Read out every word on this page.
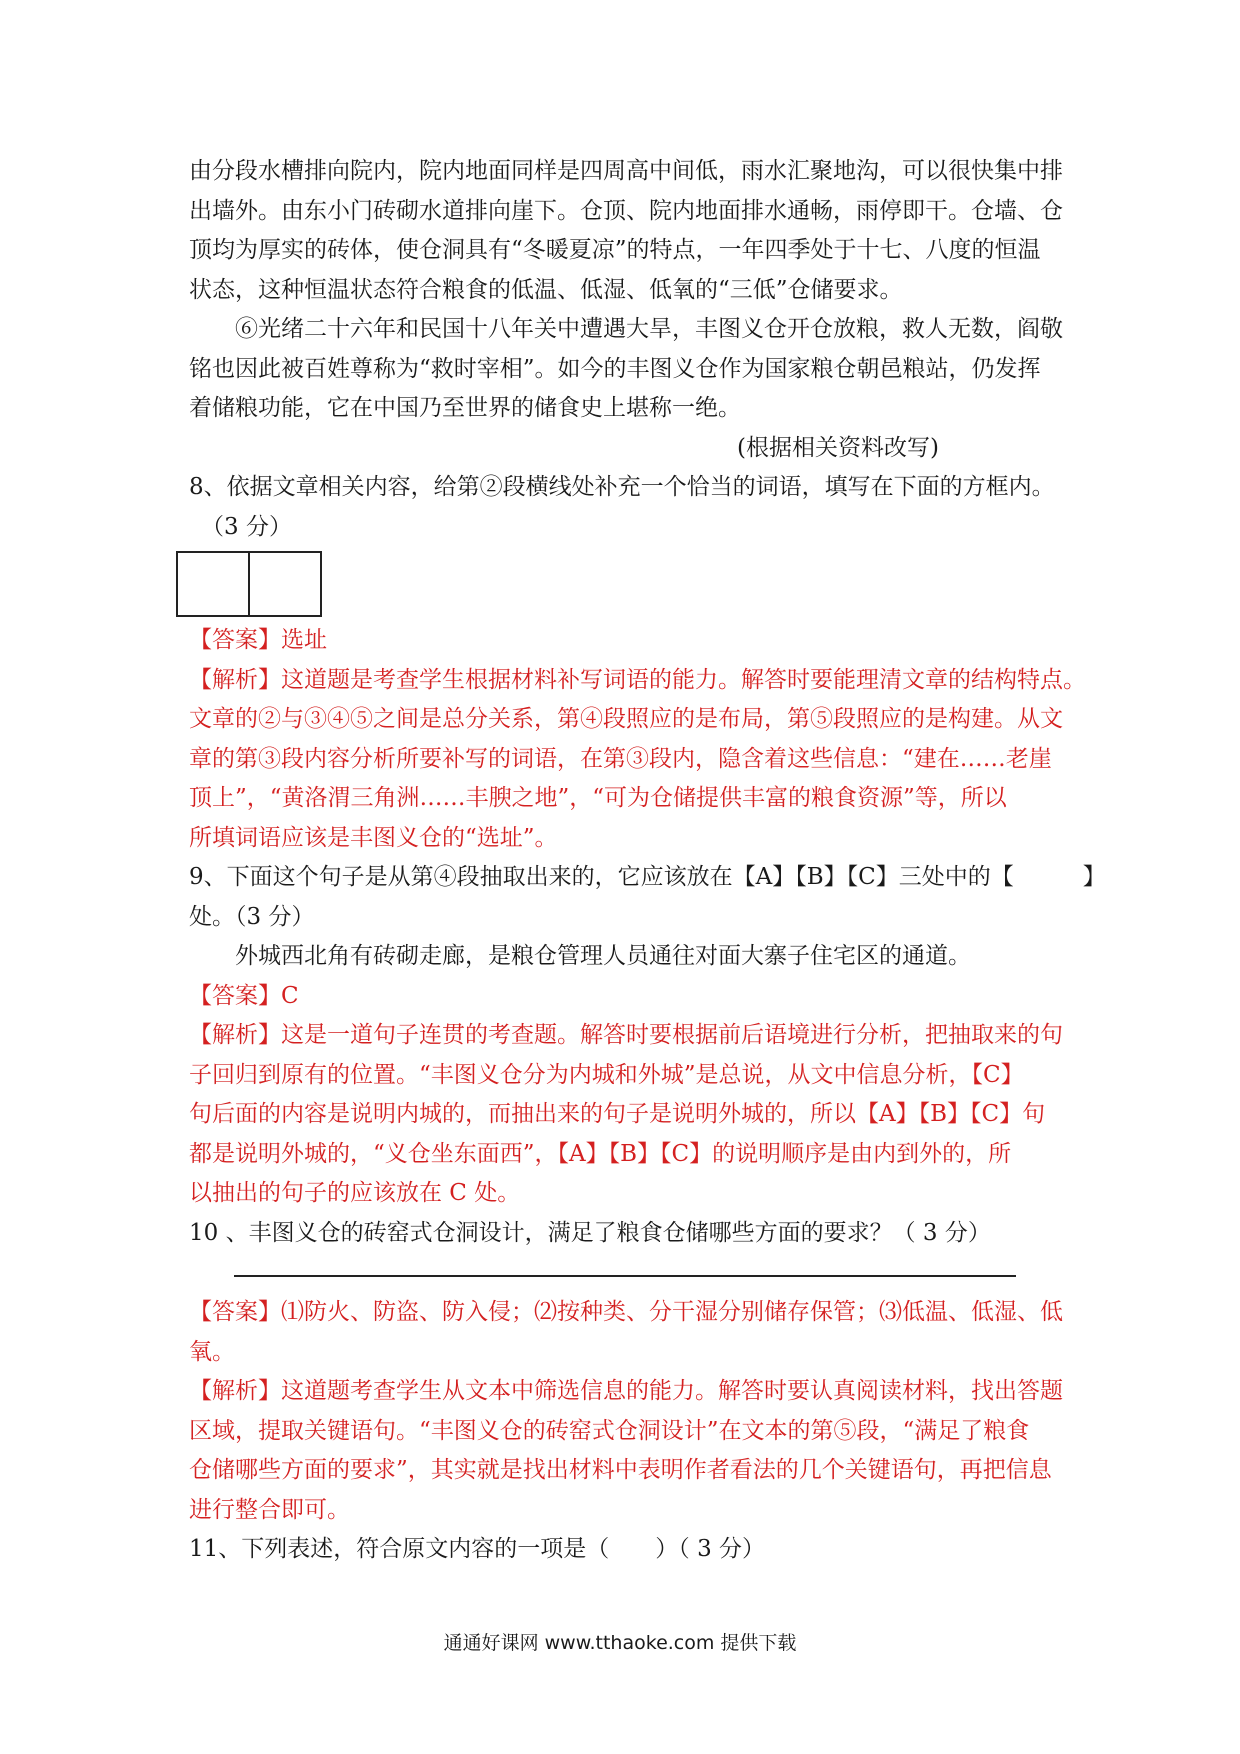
由分段水槽排向院内，院内地面同样是四周高中间低，雨水汇聚地沟，可以很快集中排
出墙外。由东小门砖砌水道排向崖下。仓顶、院内地面排水通畅，雨停即干。仓墙、仓
顶均为厚实的砖体，使仓洞具有“冬暖夏凉”的特点，一年四季处于十七、八度的恒温
状态，这种恒温状态符合粮食的低温、低湿、低氧的“三低”仓储要求。
⑥光绪二十六年和民国十八年关中遭遇大旱，丰图义仓开仓放粮，救人无数，阎敬
铭也因此被百姓尊称为“救时宰相”。如今的丰图义仓作为国家粮仓朝邑粮站，仍发挥
着储粮功能，它在中国乃至世界的储食史上堪称一绝。
(根据相关资料改写)
8、依据文章相关内容，给第②段横线处补充一个恰当的词语，填写在下面的方框内。
（3 分）
【答案】选址
【解析】这道题是考查学生根据材料补写词语的能力。解答时要能理清文章的结构特点。
文章的②与③④⑤之间是总分关系，第④段照应的是布局，第⑤段照应的是构建。从文
章的第③段内容分析所要补写的词语，在第③段内，隐含着这些信息：“建在……老崖
顶上”，“黄洛渭三角洲……丰腴之地”，“可为仓储提供丰富的粮食资源”等，所以
所填词语应该是丰图义仓的“选址”。
9、下面这个句子是从第④段抽取出来的，它应该放在【A】【B】【C】三处中的【　　　】
处。（3 分）
外城西北角有砖砌走廊，是粮仓管理人员通往对面大寨子住宅区的通道。
【答案】C
【解析】这是一道句子连贯的考查题。解答时要根据前后语境进行分析，把抽取来的句
子回归到原有的位置。“丰图义仓分为内城和外城”是总说，从文中信息分析，【C】
句后面的内容是说明内城的，而抽出来的句子是说明外城的，所以【A】【B】【C】句
都是说明外城的，“义仓坐东面西”，【A】【B】【C】的说明顺序是由内到外的，所
以抽出的句子的应该放在 C 处。
10 、丰图义仓的砖窑式仓洞设计，满足了粮食仓储哪些方面的要求？（ 3 分）
【答案】⑴防火、防盗、防入侵；⑵按种类、分干湿分别储存保管；⑶低温、低湿、低
氧。
【解析】这道题考查学生从文本中筛选信息的能力。解答时要认真阅读材料，找出答题
区域，提取关键语句。“丰图义仓的砖窑式仓洞设计”在文本的第⑤段，“满足了粮食
仓储哪些方面的要求”，其实就是找出材料中表明作者看法的几个关键语句，再把信息
进行整合即可。
11、下列表述，符合原文内容的一项是（　　）（ 3 分）
通通好课网 www.tthaoke.com 提供下载
